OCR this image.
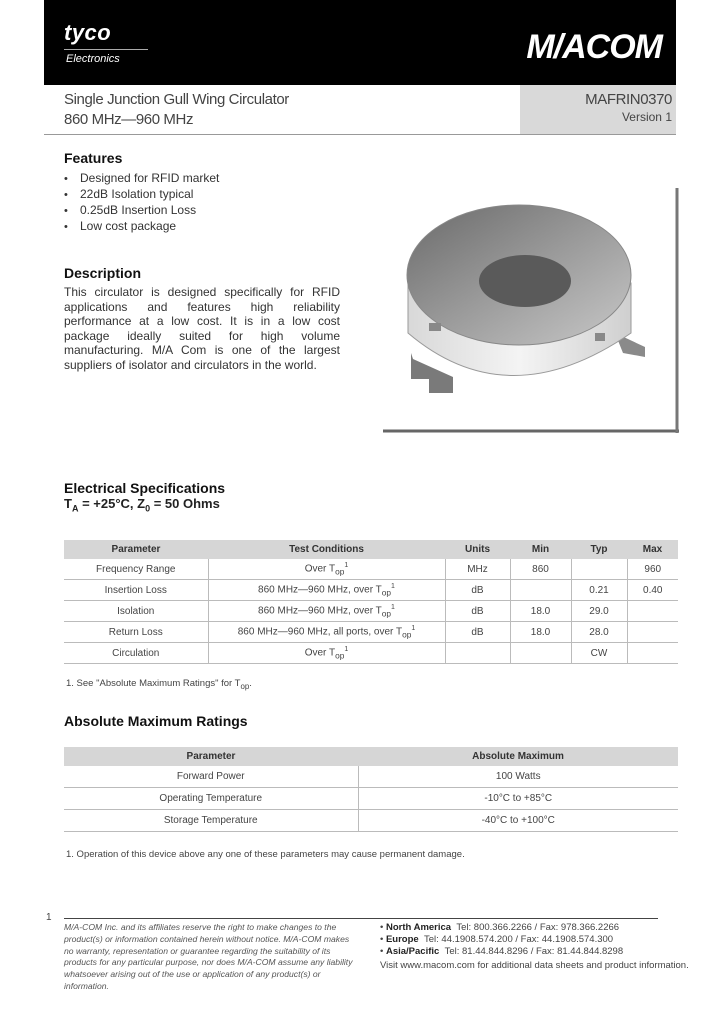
tyco
Electronics	M/ACOM
Single Junction Gull Wing Circulator
860 MHz—960 MHz
MAFRIN0370
Version 1
Features
• Designed for RFID market
• 22dB Isolation typical
• 0.25dB Insertion Loss
• Low cost package
Description
This circulator is designed specifically for RFID applications and features high reliability performance at a low cost. It is in a low cost package ideally suited for high volume manufacturing. M/A Com is one of the largest suppliers of isolator and circulators in the world.
Electrical Specifications
$T_A = +25^\circ C$, $Z_0 = 50$ Ohms
Parameter	Test Conditions	Units	Min	Typ	Max
Frequency Range	Over $T_{op}^1$	MHz	860		960
Insertion Loss	860 MHz—960 MHz, over $T_{op}^1$	dB		0.21	0.40
Isolation	860 MHz—960 MHz, over $T_{op}^1$	dB	18.0	29.0	
Return Loss	860 MHz—960 MHz, all ports, over $T_{op}^1$	dB	18.0	28.0	
Circulation	Over $T_{op}^1$			CW	
1. See "Absolute Maximum Ratings" for $T_{op}$.
Absolute Maximum Ratings
Parameter	Absolute Maximum
Forward Power	100 Watts
Operating Temperature	-10°C to +85°C
Storage Temperature	-40°C to +100°C
1. Operation of this device above any one of these parameters may cause permanent damage.
1
M/A-COM Inc. and its affiliates reserve the right to make changes to the product(s) or information contained herein without notice. M/A-COM makes no warranty, representation or guarantee regarding the suitability of its products for any particular purpose, nor does M/A-COM assume any liability whatsoever arising out of the use or application of any product(s) or information.
• North America Tel: 800.366.2266 / Fax: 978.366.2266
• Europe Tel: 44.1908.574.200 / Fax: 44.1908.574.300
• Asia/Pacific Tel: 81.44.844.8296 / Fax: 81.44.844.8298
Visit www.macom.com for additional data sheets and product information.
